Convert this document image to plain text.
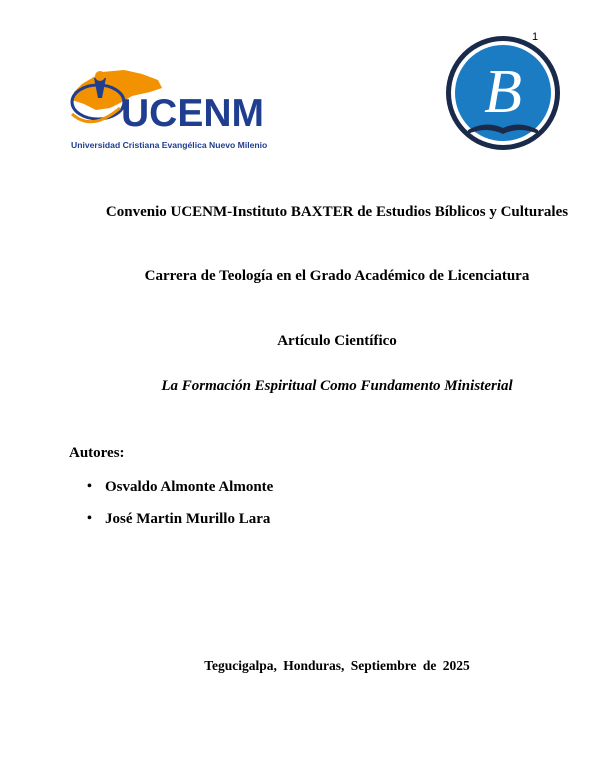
1
UCENM
Universidad Cristiana Evangélica Nuevo Milenio
B
Convenio UCENM-Instituto BAXTER de Estudios Bíblicos y Culturales
Carrera de Teología en el Grado Académico de Licenciatura
Artículo Científico
La Formación Espiritual Como Fundamento Ministerial
Autores:
• Osvaldo Almonte Almonte
• José Martin Murillo Lara
Tegucigalpa, Honduras, Septiembre de 2025
